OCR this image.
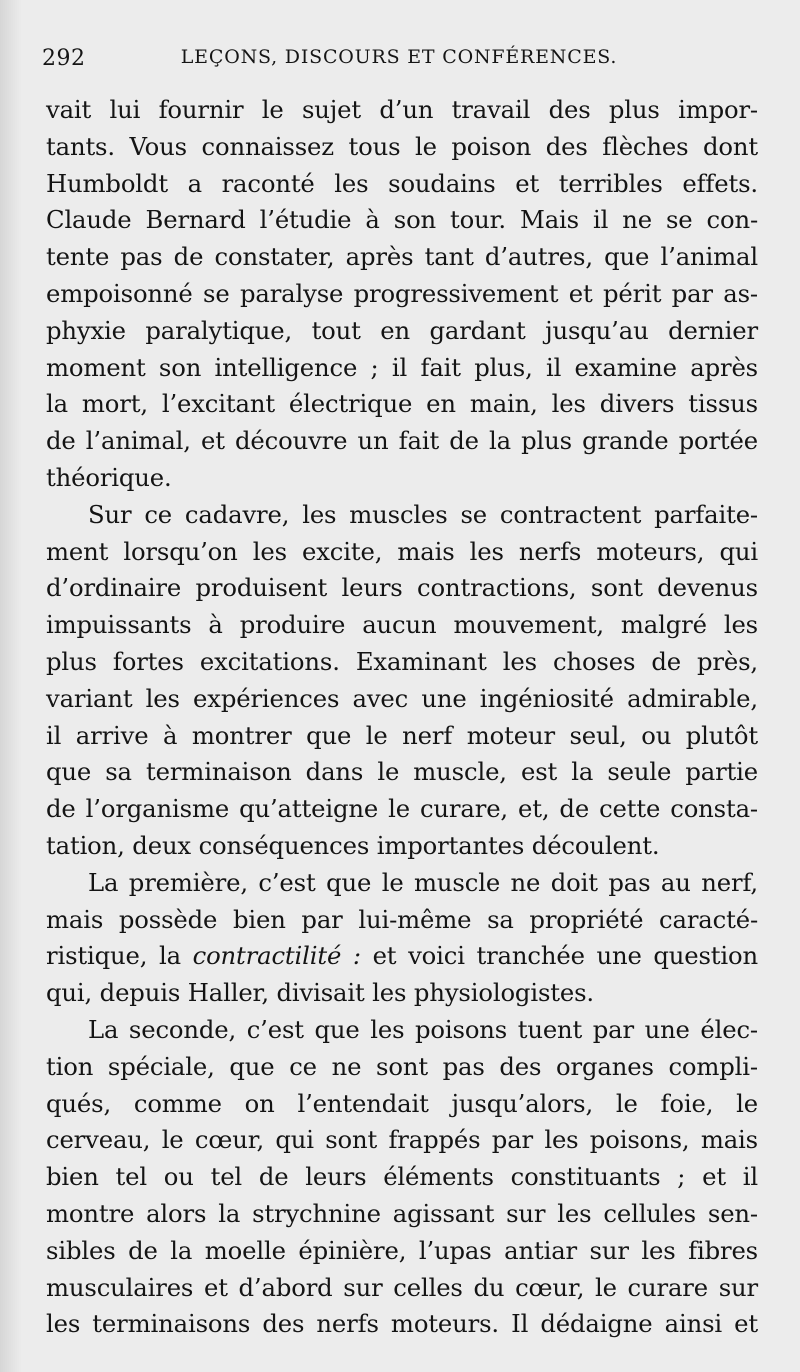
292	LEÇONS, DISCOURS ET CONFÉRENCES.
vait lui fournir le sujet d’un travail des plus impor-
tants. Vous connaissez tous le poison des flèches dont
Humboldt a raconté les soudains et terribles effets.
Claude Bernard l’étudie à son tour. Mais il ne se con-
tente pas de constater, après tant d’autres, que l’animal
empoisonné se paralyse progressivement et périt par as-
phyxie paralytique, tout en gardant jusqu’au dernier
moment son intelligence ; il fait plus, il examine après
la mort, l’excitant électrique en main, les divers tissus
de l’animal, et découvre un fait de la plus grande portée
théorique.
Sur ce cadavre, les muscles se contractent parfaite-
ment lorsqu’on les excite, mais les nerfs moteurs, qui
d’ordinaire produisent leurs contractions, sont devenus
impuissants à produire aucun mouvement, malgré les
plus fortes excitations. Examinant les choses de près,
variant les expériences avec une ingéniosité admirable,
il arrive à montrer que le nerf moteur seul, ou plutôt
que sa terminaison dans le muscle, est la seule partie
de l’organisme qu’atteigne le curare, et, de cette consta-
tation, deux conséquences importantes découlent.
La première, c’est que le muscle ne doit pas au nerf,
mais possède bien par lui-même sa propriété caracté-
ristique, la contractilité : et voici tranchée une question
qui, depuis Haller, divisait les physiologistes.
La seconde, c’est que les poisons tuent par une élec-
tion spéciale, que ce ne sont pas des organes compli-
qués, comme on l’entendait jusqu’alors, le foie, le
cerveau, le cœur, qui sont frappés par les poisons, mais
bien tel ou tel de leurs éléments constituants ; et il
montre alors la strychnine agissant sur les cellules sen-
sibles de la moelle épinière, l’upas antiar sur les fibres
musculaires et d’abord sur celles du cœur, le curare sur
les terminaisons des nerfs moteurs. Il dédaigne ainsi et
